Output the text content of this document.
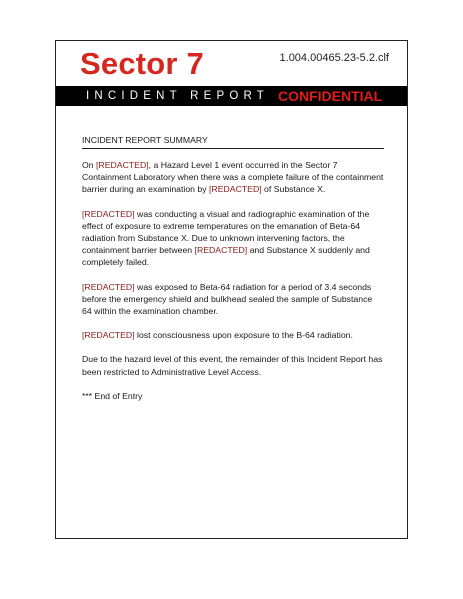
Sector 7	1.004.00465.23-5.2.clf
INCIDENT REPORT CONFIDENTIAL
INCIDENT REPORT SUMMARY

On [REDACTED], a Hazard Level 1 event occurred in the Sector 7 Containment Laboratory when there was a complete failure of the containment barrier during an examination by [REDACTED] of Substance X.

[REDACTED] was conducting a visual and radiographic examination of the effect of exposure to extreme temperatures on the emanation of Beta-64 radiation from Substance X. Due to unknown intervening factors, the containment barrier between [REDACTED] and Substance X suddenly and completely failed.

[REDACTED] was exposed to Beta-64 radiation for a period of 3.4 seconds before the emergency shield and bulkhead sealed the sample of Substance 64 within the examination chamber.

[REDACTED] lost consciousness upon exposure to the B-64 radiation.

Due to the hazard level of this event, the remainder of this Incident Report has been restricted to Administrative Level Access.

*** End of Entry
